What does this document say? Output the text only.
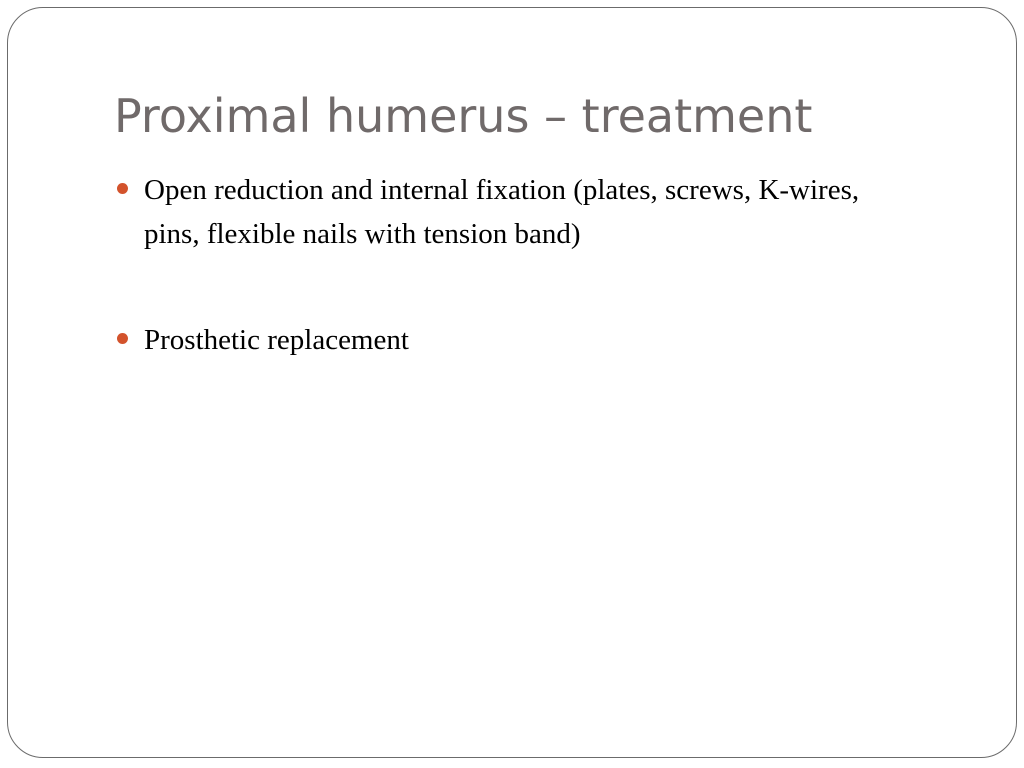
Proximal humerus – treatment
Open reduction and internal fixation (plates, screws, K-wires, pins, flexible nails with tension band)
Prosthetic replacement
